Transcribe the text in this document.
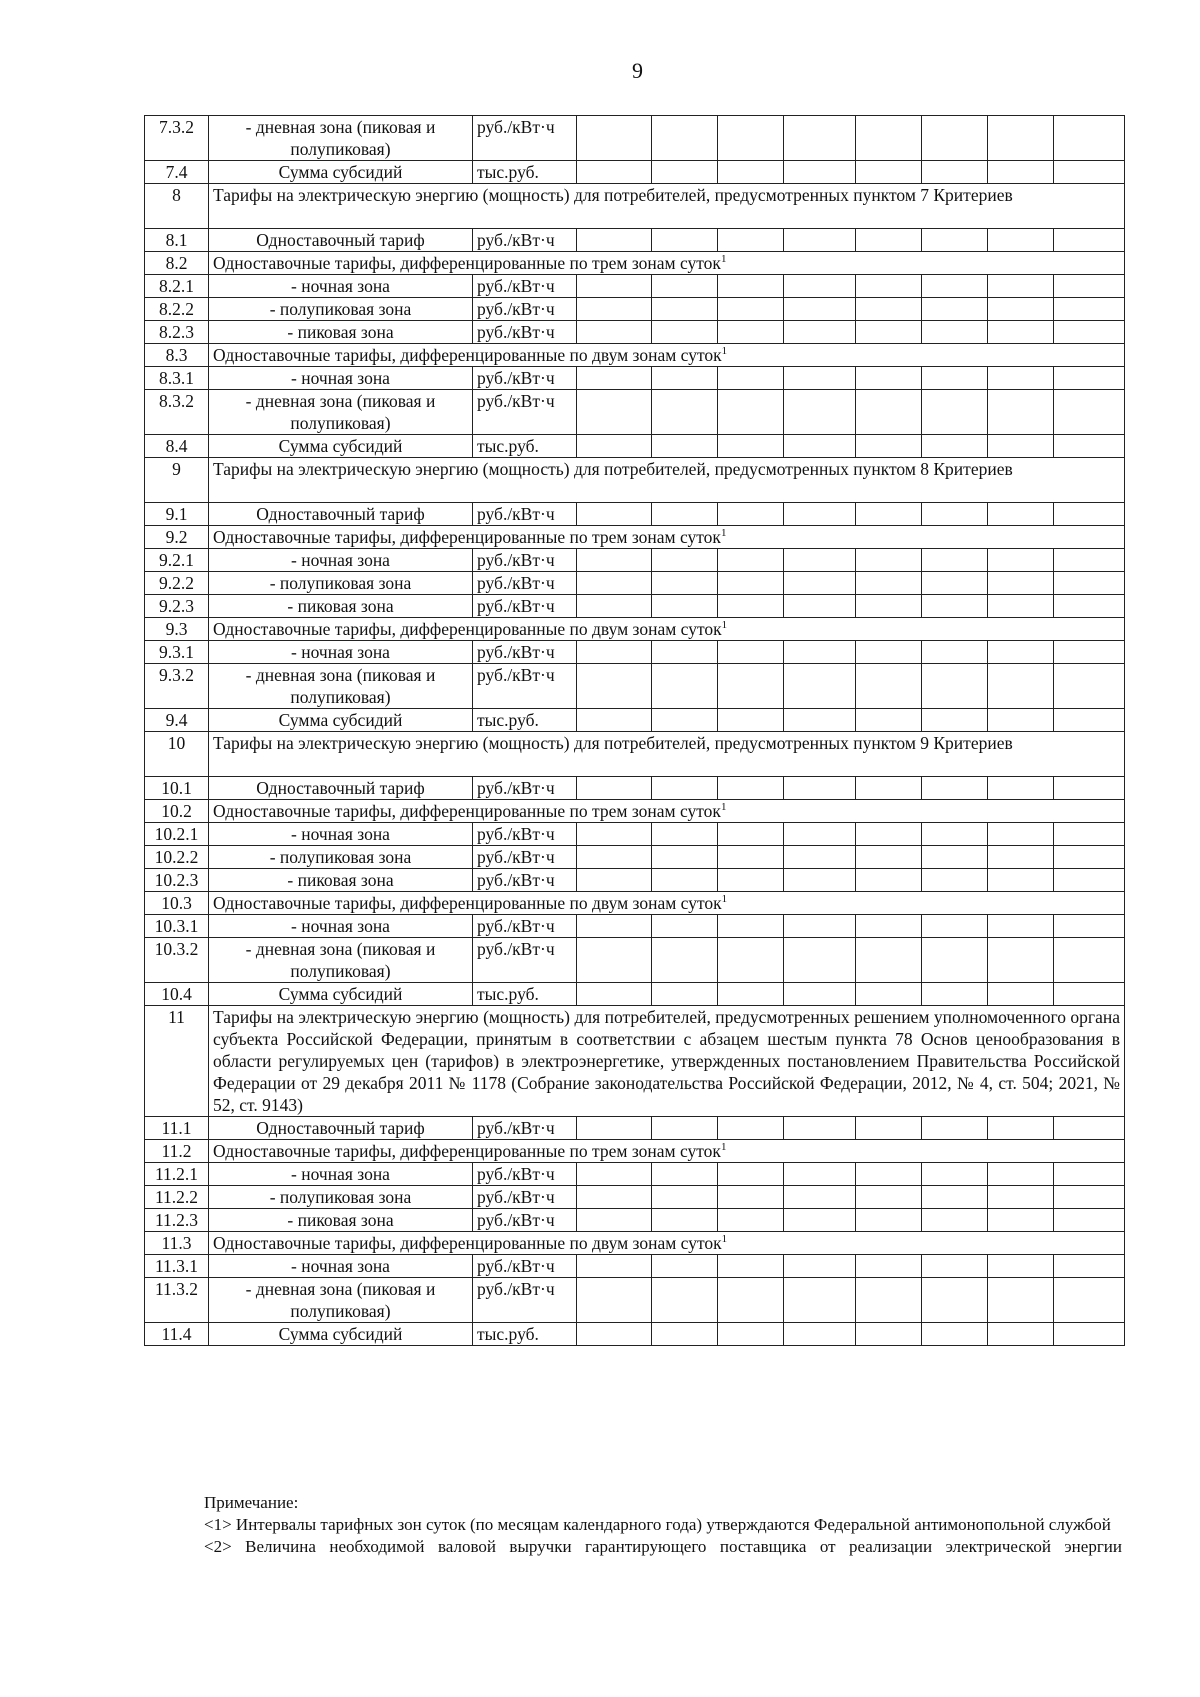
9
7.3.2	- дневная зона (пиковая и полупиковая)	руб./кВт·ч								
7.4	Сумма субсидий	тыс.руб.								
8	Тарифы на электрическую энергию (мощность) для потребителей, предусмотренных пунктом 7 Критериев									
8.1	Одноставочный тариф	руб./кВт·ч								
8.2	Одноставочные тарифы, дифференцированные по трем зонам суток$^1$
8.2.1	- ночная зона	руб./кВт·ч								
8.2.2	- полупиковая зона	руб./кВт·ч								
8.2.3	- пиковая зона	руб./кВт·ч								
8.3	Одноставочные тарифы, дифференцированные по двум зонам суток$^1$
8.3.1	- ночная зона	руб./кВт·ч								
8.3.2	- дневная зона (пиковая и полупиковая)	руб./кВт·ч								
8.4	Сумма субсидий	тыс.руб.								
9	Тарифы на электрическую энергию (мощность) для потребителей, предусмотренных пунктом 8 Критериев									
9.1	Одноставочный тариф	руб./кВт·ч								
9.2	Одноставочные тарифы, дифференцированные по трем зонам суток$^1$
9.2.1	- ночная зона	руб./кВт·ч								
9.2.2	- полупиковая зона	руб./кВт·ч								
9.2.3	- пиковая зона	руб./кВт·ч								
9.3	Одноставочные тарифы, дифференцированные по двум зонам суток$^1$
9.3.1	- ночная зона	руб./кВт·ч								
9.3.2	- дневная зона (пиковая и полупиковая)	руб./кВт·ч								
9.4	Сумма субсидий	тыс.руб.								
10	Тарифы на электрическую энергию (мощность) для потребителей, предусмотренных пунктом 9 Критериев									
10.1	Одноставочный тариф	руб./кВт·ч								
10.2	Одноставочные тарифы, дифференцированные по трем зонам суток$^1$
10.2.1	- ночная зона	руб./кВт·ч								
10.2.2	- полупиковая зона	руб./кВт·ч								
10.2.3	- пиковая зона	руб./кВт·ч								
10.3	Одноставочные тарифы, дифференцированные по двум зонам суток$^1$
10.3.1	- ночная зона	руб./кВт·ч								
10.3.2	- дневная зона (пиковая и полупиковая)	руб./кВт·ч								
10.4	Сумма субсидий	тыс.руб.								
11	Тарифы на электрическую энергию (мощность) для потребителей, предусмотренных решением уполномоченного органа субъекта Российской Федерации, принятым в соответствии с абзацем шестым пункта 78 Основ ценообразования в области регулируемых цен (тарифов) в электроэнергетике, утвержденных постановлением Правительства Российской Федерации от 29 декабря 2011 № 1178 (Собрание законодательства Российской Федерации, 2012, № 4, ст. 504; 2021, № 52, ст. 9143)									
11.1	Одноставочный тариф	руб./кВт·ч								
11.2	Одноставочные тарифы, дифференцированные по трем зонам суток$^1$
11.2.1	- ночная зона	руб./кВт·ч								
11.2.2	- полупиковая зона	руб./кВт·ч								
11.2.3	- пиковая зона	руб./кВт·ч								
11.3	Одноставочные тарифы, дифференцированные по двум зонам суток$^1$
11.3.1	- ночная зона	руб./кВт·ч								
11.3.2	- дневная зона (пиковая и полупиковая)	руб./кВт·ч								
11.4	Сумма субсидий	тыс.руб.								

Примечание:

<1> Интервалы тарифных зон суток (по месяцам календарного года) утверждаются Федеральной антимонопольной службой

<2> Величина необходимой валовой выручки гарантирующего поставщика от реализации электрической энергии
